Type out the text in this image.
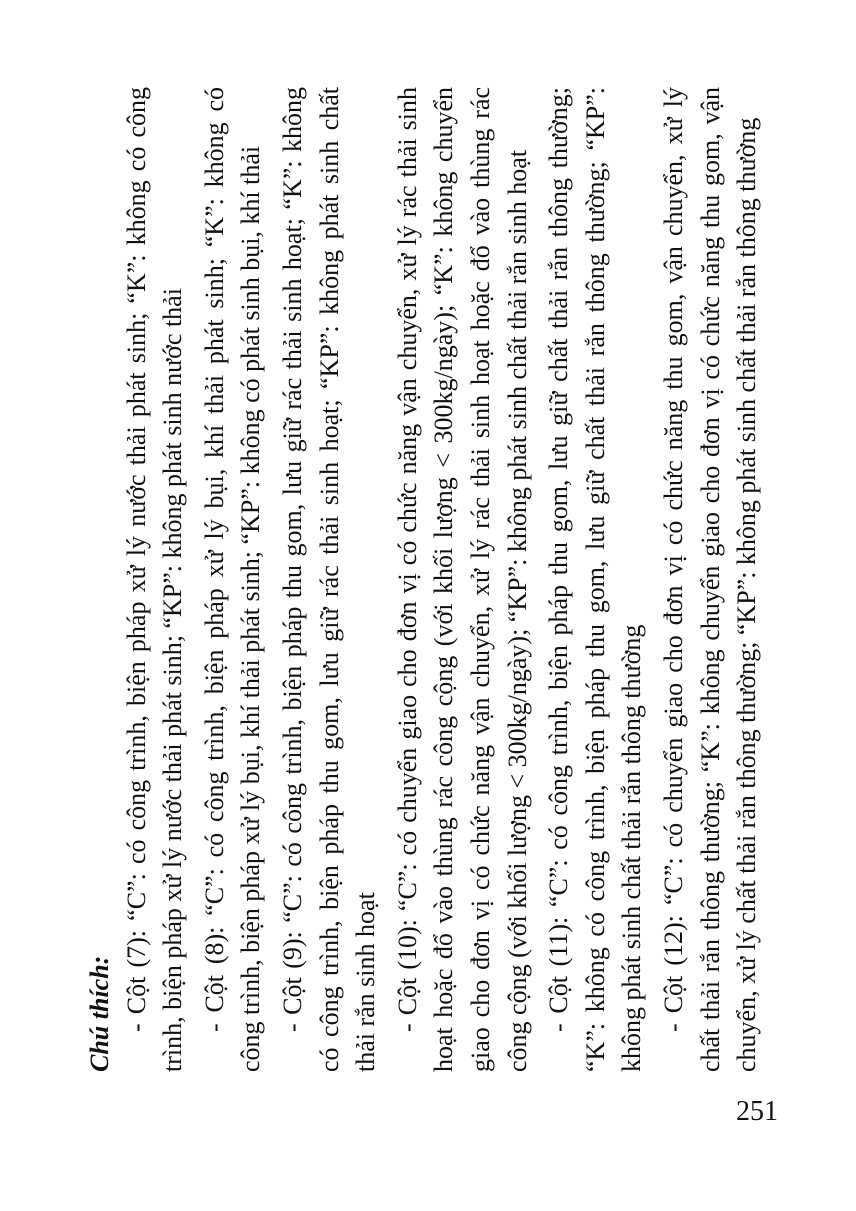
Chú thích: - Cột (7): “C”: có công trình, biện pháp xử lý nước thải phát sinh; “K”: không có công trình, biện pháp xử lý nước thải phát sinh; “KP”: không phát sinh nước thải - Cột (8): “C”: có công trình, biện pháp xử lý bụi, khí thải phát sinh; “K”: không có công trình, biện pháp xử lý bụi, khí thải phát sinh; “KP”: không có phát sinh bụi, khí thải - Cột (9): “C”: có công trình, biện pháp thu gom, lưu giữ rác thải sinh hoạt; “K”: không có công trình, biện pháp thu gom, lưu giữ rác thải sinh hoạt; “KP”: không phát sinh chất thải rắn sinh hoạt - Cột (10): “C”: có chuyển giao cho đơn vị có chức năng vận chuyển, xử lý rác thải sinh hoạt hoặc đổ vào thùng rác công cộng (với khối lượng < 300kg/ngày); “K”: không chuyển giao cho đơn vị có chức năng vận chuyển, xử lý rác thải sinh hoạt hoặc đổ vào thùng rác công cộng (với khối lượng < 300kg/ngày); “KP”: không phát sinh chất thải rắn sinh hoạt - Cột (11): “C”: có công trình, biện pháp thu gom, lưu giữ chất thải rắn thông thường; “K”: không có công trình, biện pháp thu gom, lưu giữ chất thải rắn thông thường; “KP”: không phát sinh chất thải rắn thông thường - Cột (12): “C”: có chuyển giao cho đơn vị có chức năng thu gom, vận chuyển, xử lý chất thải rắn thông thường; “K”: không chuyển giao cho đơn vị có chức năng thu gom, vận chuyển, xử lý chất thải rắn thông thường; “KP”: không phát sinh chất thải rắn thông thường
251
